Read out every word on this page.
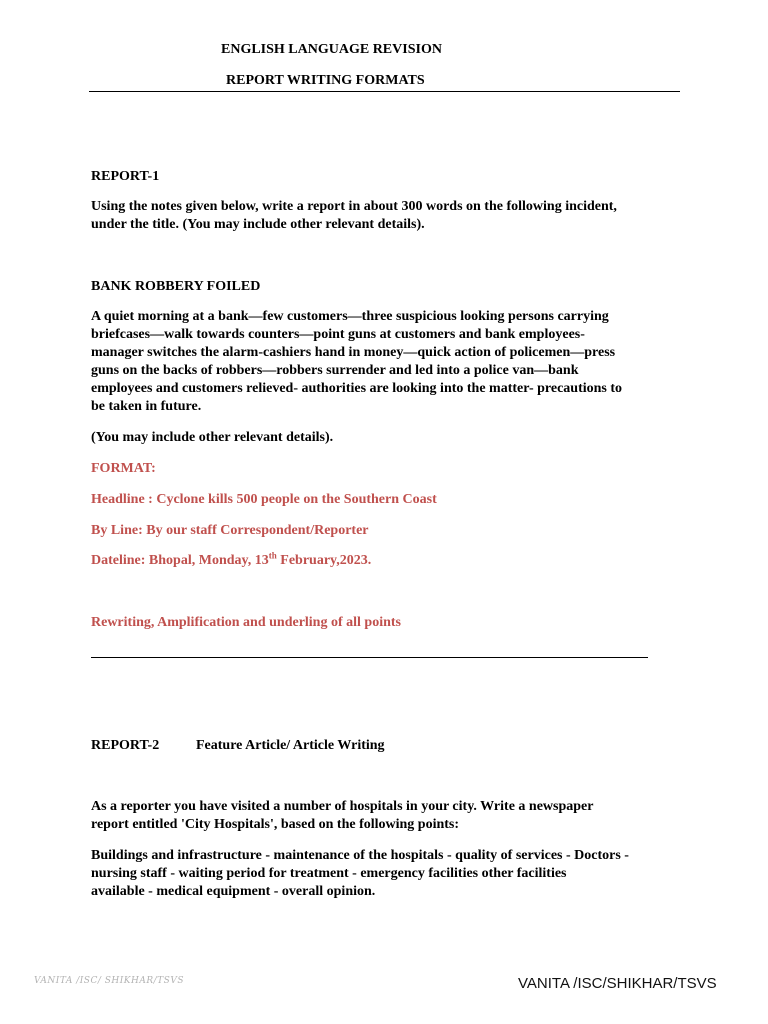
ENGLISH LANGUAGE REVISION
REPORT WRITING FORMATS
REPORT-1
Using the notes given below, write a report in about 300 words on the following incident,
under the title. (You may include other relevant details).
BANK ROBBERY FOILED
A quiet morning at a bank—few customers—three suspicious looking persons carrying
briefcases—walk towards counters—point guns at customers and bank employees-
manager switches the alarm-cashiers hand in money—quick action of policemen—press
guns on the backs of robbers—robbers surrender and led into a police van—bank
employees and customers relieved- authorities are looking into the matter- precautions to
be taken in future.
(You may include other relevant details).
FORMAT:
Headline : Cyclone kills 500 people on the Southern Coast
By Line: By our staff Correspondent/Reporter
Dateline: Bhopal, Monday, 13th February,2023.
Rewriting, Amplification and underling of all points
REPORT-2	Feature Article/ Article Writing
As a reporter you have visited a number of hospitals in your city. Write a newspaper
report entitled 'City Hospitals', based on the following points:
Buildings and infrastructure - maintenance of the hospitals - quality of services - Doctors -
nursing staff - waiting period for treatment - emergency facilities other facilities
available - medical equipment - overall opinion.
VANITA /ISC/ SHIKHAR/TSVS	VANITA /ISC/SHIKHAR/TSVS
